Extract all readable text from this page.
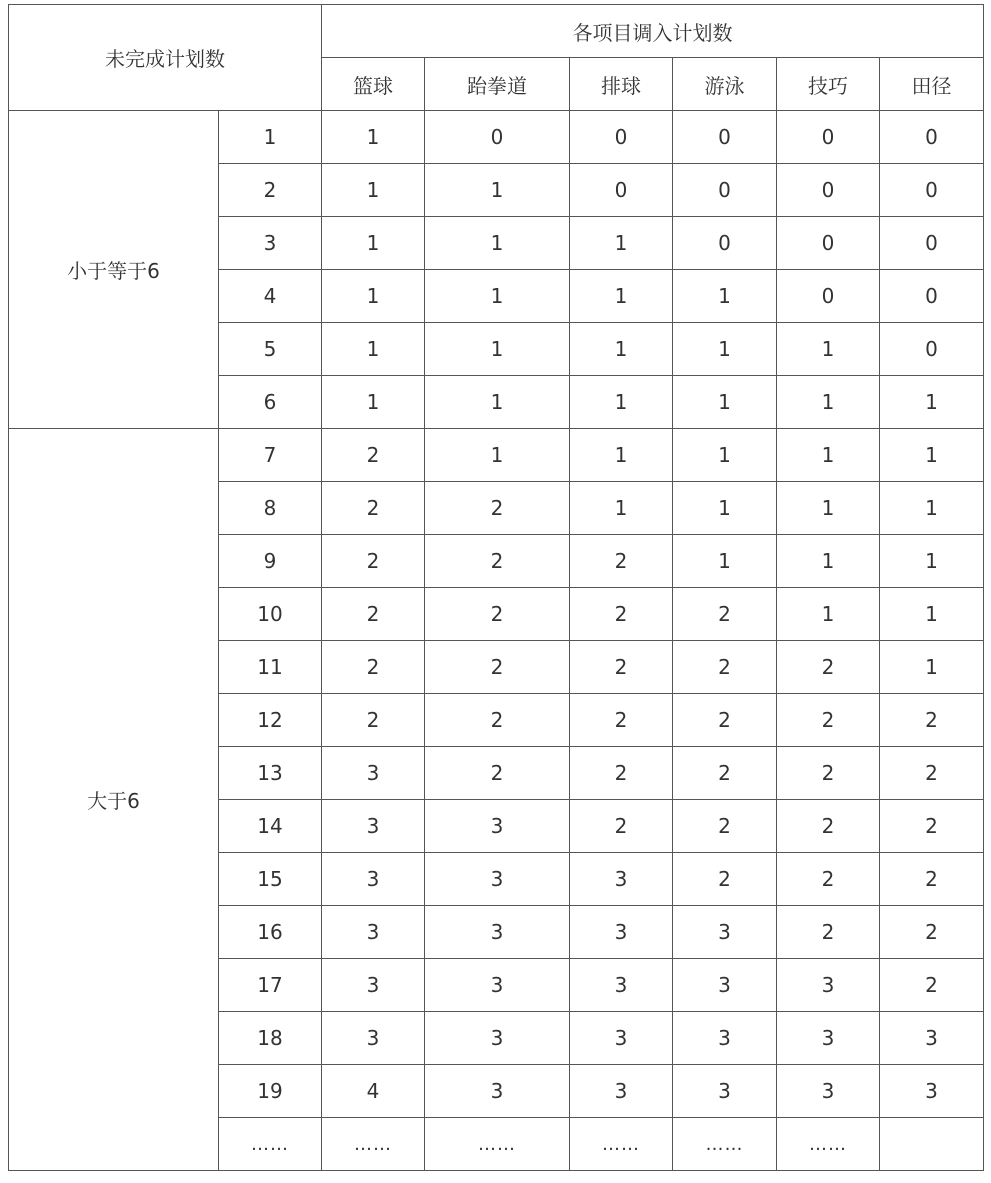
未完成计划数		各项目调入计划数					
		篮球	跆拳道	排球	游泳	技巧	田径
小于等于6	1	1	0	0	0	0	0
	2	1	1	0	0	0	0
	3	1	1	1	0	0	0
	4	1	1	1	1	0	0
	5	1	1	1	1	1	0
	6	1	1	1	1	1	1
大于6	7	2	1	1	1	1	1
	8	2	2	1	1	1	1
	9	2	2	2	1	1	1
	10	2	2	2	2	1	1
	11	2	2	2	2	2	1
	12	2	2	2	2	2	2
	13	3	2	2	2	2	2
	14	3	3	2	2	2	2
	15	3	3	3	2	2	2
	16	3	3	3	3	2	2
	17	3	3	3	3	3	2
	18	3	3	3	3	3	3
	19	4	3	3	3	3	3
	……	……	……	……	……	……	
